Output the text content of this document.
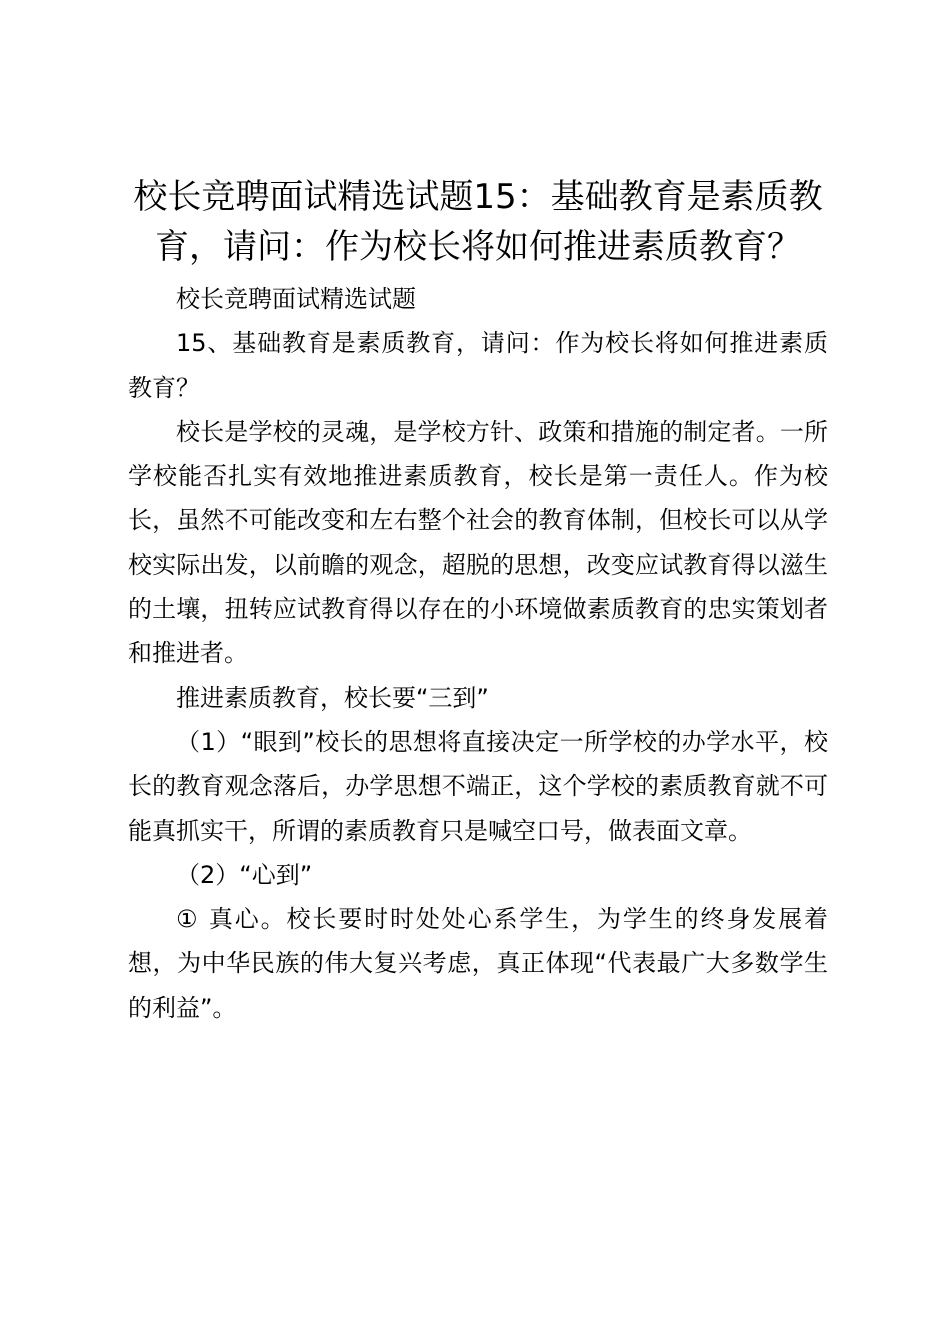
校长竞聘面试精选试题15：基础教育是素质教育，请问：作为校长将如何推进素质教育？

校长竞聘面试精选试题

15、基础教育是素质教育，请问：作为校长将如何推进素质教育？

校长是学校的灵魂，是学校方针、政策和措施的制定者。一所学校能否扎实有效地推进素质教育，校长是第一责任人。作为校长，虽然不可能改变和左右整个社会的教育体制，但校长可以从学校实际出发，以前瞻的观念，超脱的思想，改变应试教育得以滋生的土壤，扭转应试教育得以存在的小环境做素质教育的忠实策划者和推进者。

推进素质教育，校长要“三到”

（1）“眼到”校长的思想将直接决定一所学校的办学水平，校长的教育观念落后，办学思想不端正，这个学校的素质教育就不可能真抓实干，所谓的素质教育只是喊空口号，做表面文章。

（2）“心到”

① 真心。校长要时时处处心系学生，为学生的终身发展着想，为中华民族的伟大复兴考虑，真正体现“代表最广大多数学生的利益”。
